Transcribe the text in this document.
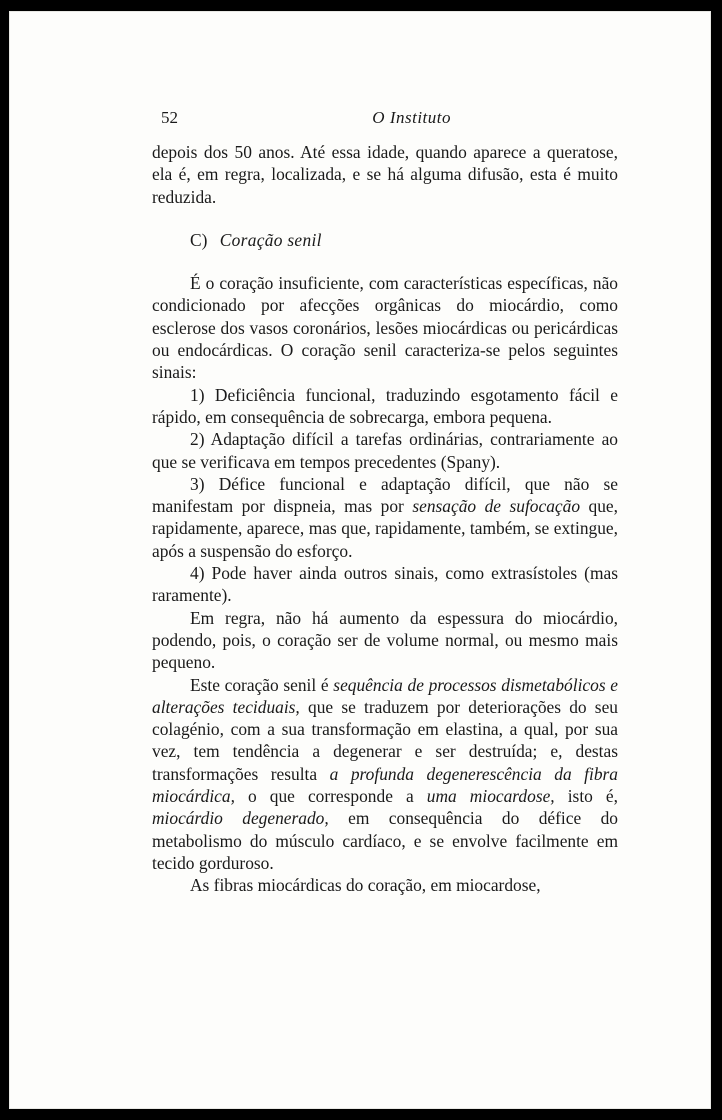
52	O Instituto

depois dos 50 anos. Até essa idade, quando aparece a queratose, ela é, em regra, localizada, e se há alguma difusão, esta é muito reduzida.

C) Coração senil

É o coração insuficiente, com características específicas, não condicionado por afecções orgânicas do miocárdio, como esclerose dos vasos coronários, lesões miocárdicas ou pericárdicas ou endocárdicas. O coração senil caracteriza-se pelos seguintes sinais:

1) Deficiência funcional, traduzindo esgotamento fácil e rápido, em consequência de sobrecarga, embora pequena.

2) Adaptação difícil a tarefas ordinárias, contrariamente ao que se verificava em tempos precedentes (Spany).

3) Défice funcional e adaptação difícil, que não se manifestam por dispneia, mas por sensação de sufocação que, rapidamente, aparece, mas que, rapidamente, também, se extingue, após a suspensão do esforço.

4) Pode haver ainda outros sinais, como extrasístoles (mas raramente).

Em regra, não há aumento da espessura do miocárdio, podendo, pois, o coração ser de volume normal, ou mesmo mais pequeno.

Este coração senil é sequência de processos dismetabólicos e alterações teciduais, que se traduzem por deteriorações do seu colagénio, com a sua transformação em elastina, a qual, por sua vez, tem tendência a degenerar e ser destruída; e, destas transformações resulta a profunda degenerescência da fibra miocárdica, o que corresponde a uma miocardose, isto é, miocárdio degenerado, em consequência do défice do metabolismo do músculo cardíaco, e se envolve facilmente em tecido gorduroso.

As fibras miocárdicas do coração, em miocardose,
